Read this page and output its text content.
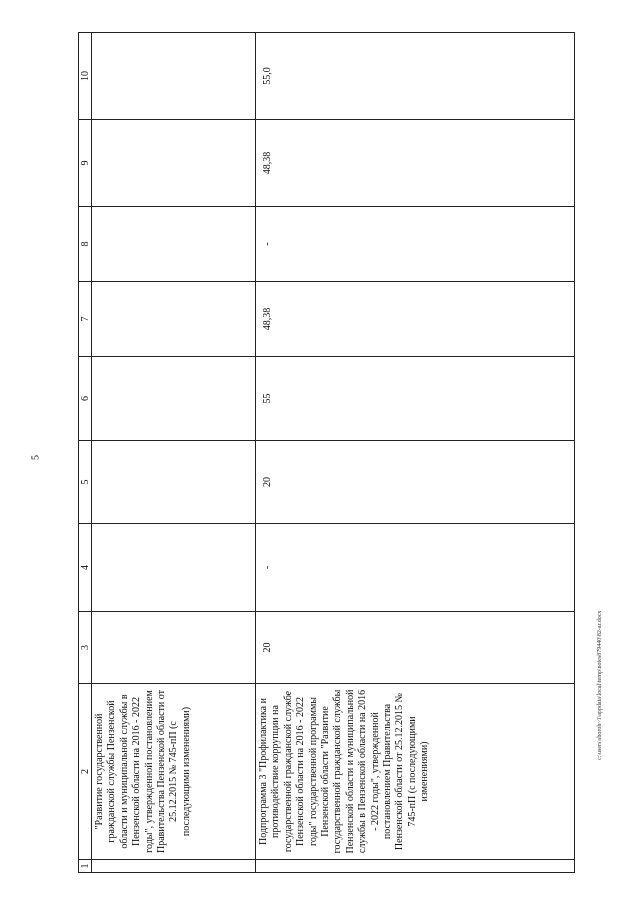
5
1	2	3	4	5	6	7	8	9	10
	"Развитие государственной гражданской службы Пензенской области и муниципальной службы в Пензенской области на 2016 - 2022 годы", утвержденной постановлением Правительства Пензенской области от 25.12.2015 № 745-пП (с последующими изменениями)								
	Подпрограмма 3 "Профилактика и противодействие коррупции на государственной гражданской службе Пензенской области на 2016 - 2022 годы" государственной программы Пензенской области "Развитие государственной гражданской службы Пензенской области и муниципальной службы в Пензенской области на 2016 - 2022 годы", утвержденной постановлением Правительства Пензенской области от 25.12.2015 № 745-пП (с последующими изменениями)	20	-	20	55	48,38	-	48,38	55,0
c:\users\sboroh~1\appdata\local\temp\notes879440\82-ar.docx
